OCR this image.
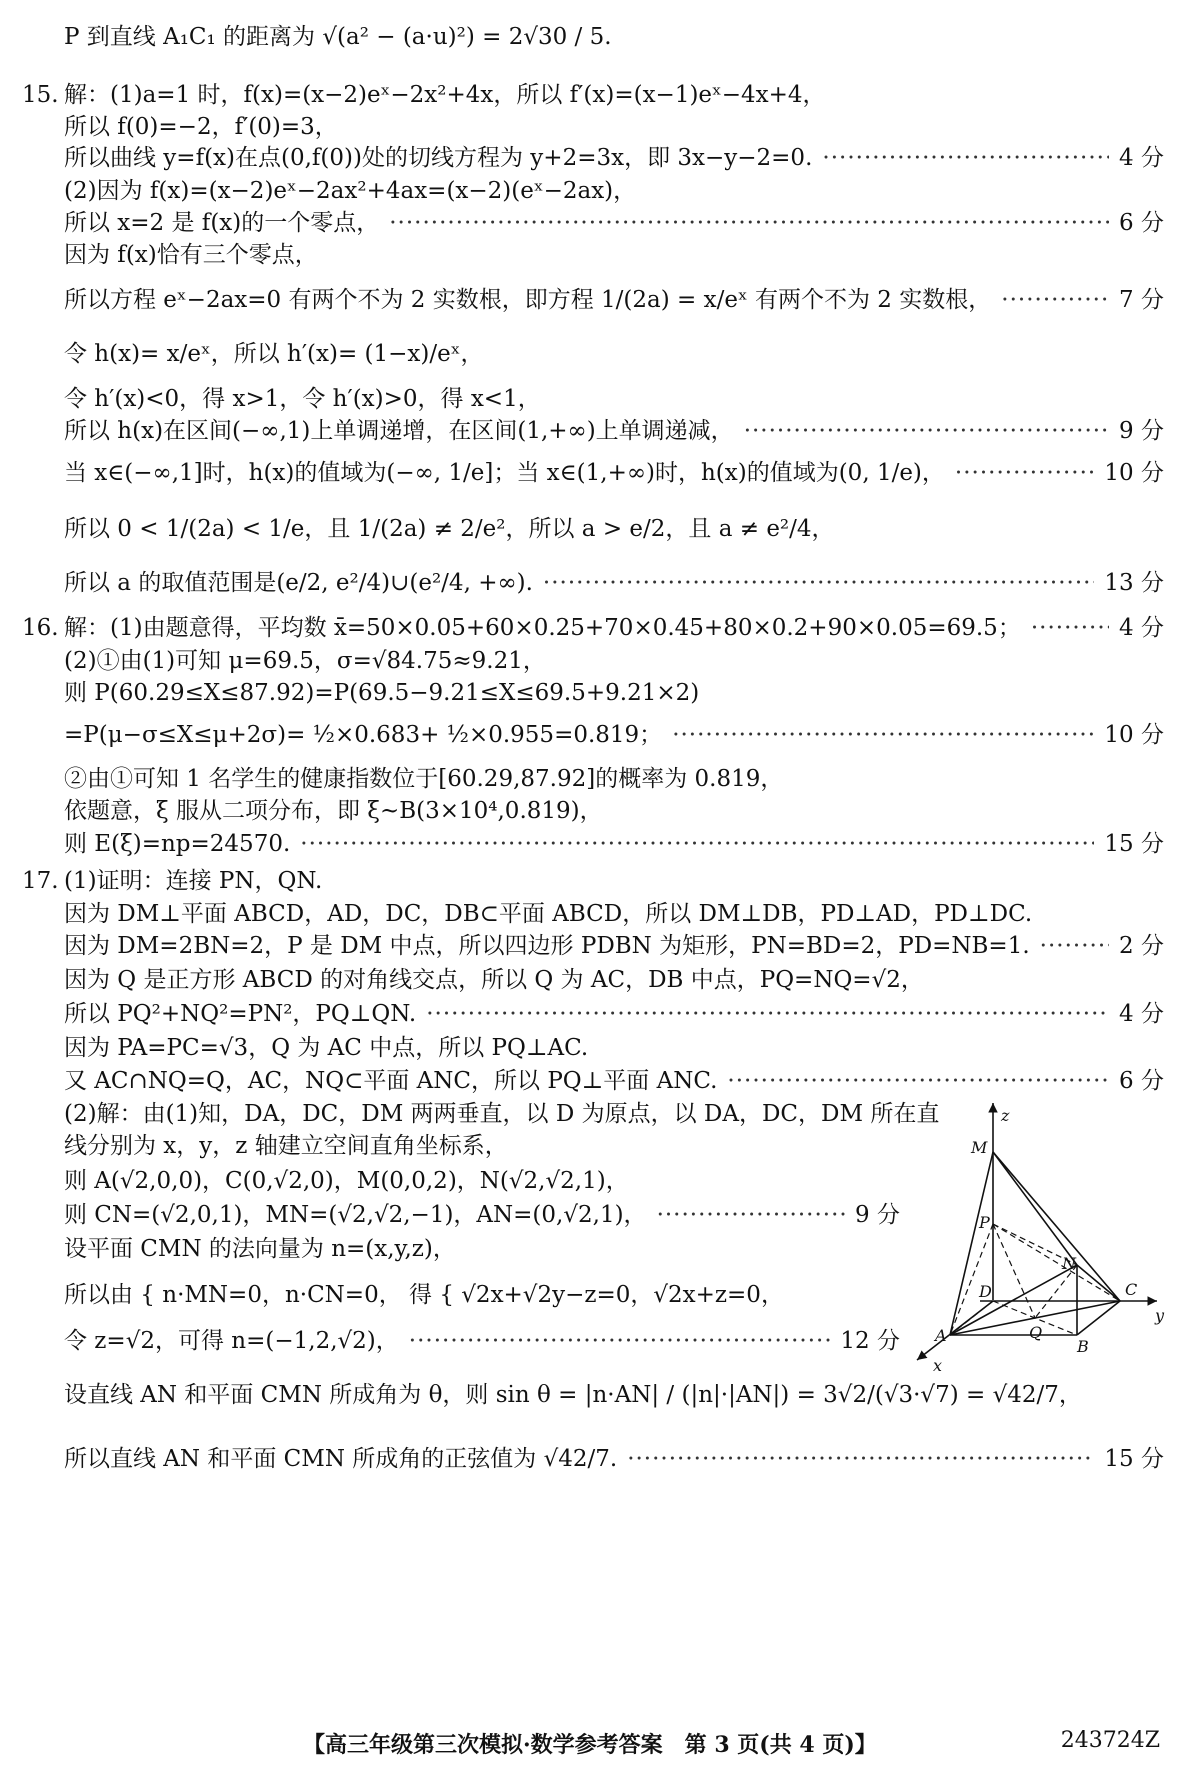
P 到直线 A₁C₁ 的距离为 √(a² − (a·u)²) = 2√30 / 5.
15. 解：(1)a=1 时，f(x)=(x−2)eˣ−2x²+4x，所以 f′(x)=(x−1)eˣ−4x+4，
所以 f(0)=−2，f′(0)=3，
所以曲线 y=f(x)在点(0,f(0))处的切线方程为 y+2=3x，即 3x−y−2=0. ·····	4 分
(2)因为 f(x)=(x−2)eˣ−2ax²+4ax=(x−2)(eˣ−2ax)，
所以 x=2 是 f(x)的一个零点， ·····	6 分
因为 f(x)恰有三个零点，
所以方程 eˣ−2ax=0 有两个不为 2 实数根，即方程 1/(2a) = x/eˣ 有两个不为 2 实数根， ·····	7 分
令 h(x)= x/eˣ，所以 h′(x)= (1−x)/eˣ，
令 h′(x)<0，得 x>1，令 h′(x)>0，得 x<1，
所以 h(x)在区间(−∞,1)上单调递增，在区间(1,+∞)上单调递减， ·····	9 分
当 x∈(−∞,1]时，h(x)的值域为(−∞, 1/e]；当 x∈(1,+∞)时，h(x)的值域为(0, 1/e)， ·····	10 分
所以 0 < 1/(2a) < 1/e，且 1/(2a) ≠ 2/e²，所以 a > e/2，且 a ≠ e²/4，
所以 a 的取值范围是(e/2, e²/4)∪(e²/4, +∞). ·····	13 分
16. 解：(1)由题意得，平均数 x̄=50×0.05+60×0.25+70×0.45+80×0.2+90×0.05=69.5； ·····	4 分
(2)①由(1)可知 μ=69.5，σ=√84.75≈9.21，
则 P(60.29≤X≤87.92)=P(69.5−9.21≤X≤69.5+9.21×2)
=P(μ−σ≤X≤μ+2σ)= ½×0.683+ ½×0.955=0.819； ·····	10 分
②由①可知 1 名学生的健康指数位于[60.29,87.92]的概率为 0.819，
依题意，ξ 服从二项分布，即 ξ~B(3×10⁴,0.819)，
则 E(ξ)=np=24570. ·····	15 分
17. (1)证明：连接 PN，QN.
因为 DM⊥平面 ABCD，AD，DC，DB⊂平面 ABCD，所以 DM⊥DB，PD⊥AD，PD⊥DC.
因为 DM=2BN=2，P 是 DM 中点，所以四边形 PDBN 为矩形，PN=BD=2，PD=NB=1. ·····	2 分
因为 Q 是正方形 ABCD 的对角线交点，所以 Q 为 AC，DB 中点，PQ=NQ=√2，
所以 PQ²+NQ²=PN²，PQ⊥QN. ·····	4 分
因为 PA=PC=√3，Q 为 AC 中点，所以 PQ⊥AC.
又 AC∩NQ=Q，AC，NQ⊂平面 ANC，所以 PQ⊥平面 ANC. ·····	6 分
(2)解：由(1)知，DA，DC，DM 两两垂直，以 D 为原点，以 DA，DC，DM 所在直
线分别为 x，y，z 轴建立空间直角坐标系，
则 A(√2,0,0)，C(0,√2,0)，M(0,0,2)，N(√2,√2,1)，
则 CN=(√2,0,1)，MN=(√2,√2,−1)，AN=(0,√2,1)， ·····	9 分
设平面 CMN 的法向量为 n=(x,y,z)，
所以由 { n·MN=0，n·CN=0， 得 { √2x+√2y−z=0，√2x+z=0，
令 z=√2，可得 n=(−1,2,√2)， ·····	12 分
设直线 AN 和平面 CMN 所成角为 θ，则 sin θ = |n·AN| / (|n|·|AN|) = 3√2/(√3·√7) = √42/7，
所以直线 AN 和平面 CMN 所成角的正弦值为 √42/7. ·····	15 分
z
y
x
M
P
N
C
D
Q
A
B
【高三年级第三次模拟·数学参考答案　第 3 页(共 4 页)】	243724Z
